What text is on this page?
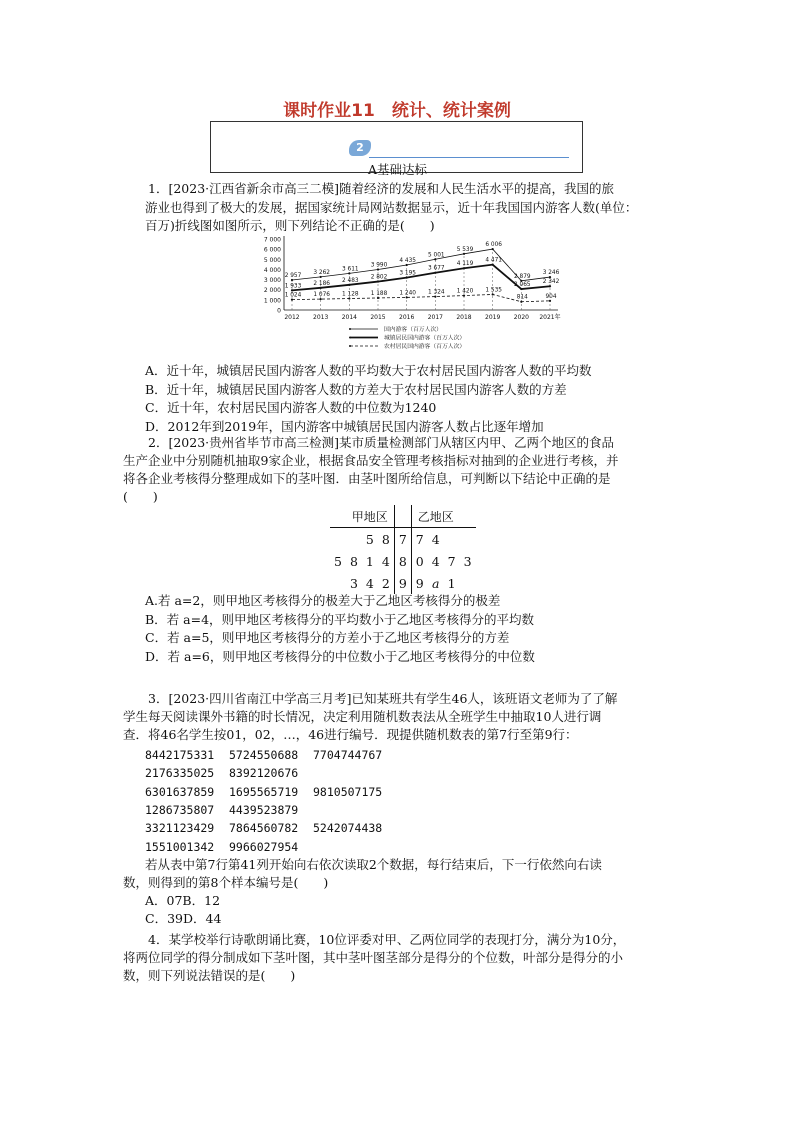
课时作业11　统计、统计案例
2
A基础达标
1．[2023·江西省新余市高三二模]随着经济的发展和人民生活水平的提高，我国的旅
游业也得到了极大的发展，据国家统计局网站数据显示，近十年我国国内游客人数(单位：
百万)折线图如图所示，则下列结论不正确的是(　　)
7 000
6 000
5 000
4 000
3 000
2 000
1 000
0
2012 2013 2014 2015 2016 2017 2018 2019 2020 2021年
2 957
3 262
3 611
3 990
4 435
5 001
5 539
6 006
2 879
3 246
1 933 2 186
2 483
2 802
3 195
3 677
4 119
4 471
2 065 2 342
1 024 1 076 1 128 1 188 1 240 1 324 1 420 1 535
814	904
国内游客（百万人次）
城镇居民国内游客（百万人次）
农村居民国内游客（百万人次）
A．近十年，城镇居民国内游客人数的平均数大于农村居民国内游客人数的平均数
B．近十年，城镇居民国内游客人数的方差大于农村居民国内游客人数的方差
C．近十年，农村居民国内游客人数的中位数为1240
D．2012年到2019年，国内游客中城镇居民国内游客人数占比逐年增加
2．[2023·贵州省毕节市高三检测]某市质量检测部门从辖区内甲、乙两个地区的食品
生产企业中分别随机抽取9家企业，根据食品安全管理考核指标对抽到的企业进行考核，并
将各企业考核得分整理成如下的茎叶图．由茎叶图所给信息，可判断以下结论中正确的是
(　　)
甲地区					乙地区			
		5	8	7	7	4		
5	8	1	4	8	0	4	7	3
	3	4	2	9	9	a	1	
A.若 a=2，则甲地区考核得分的极差大于乙地区考核得分的极差
B．若 a=4，则甲地区考核得分的平均数小于乙地区考核得分的平均数
C．若 a=5，则甲地区考核得分的方差小于乙地区考核得分的方差
D．若 a=6，则甲地区考核得分的中位数小于乙地区考核得分的中位数
3．[2023·四川省南江中学高三月考]已知某班共有学生46人，该班语文老师为了了解
学生每天阅读课外书籍的时长情况，决定利用随机数表法从全班学生中抽取10人进行调
查．将46名学生按01，02，…，46进行编号．现提供随机数表的第7行至第9行：
8442175331 5724550688 7704744767
2176335025 8392120676
6301637859 1695565719 9810507175
1286735807 4439523879
3321123429 7864560782 5242074438
1551001342 9966027954
若从表中第7行第41列开始向右依次读取2个数据，每行结束后，下一行依然向右读
数，则得到的第8个样本编号是(　　)
A．07B．12
C．39D．44
4．某学校举行诗歌朗诵比赛，10位评委对甲、乙两位同学的表现打分，满分为10分，
将两位同学的得分制成如下茎叶图，其中茎叶图茎部分是得分的个位数，叶部分是得分的小
数，则下列说法错误的是(　　)
